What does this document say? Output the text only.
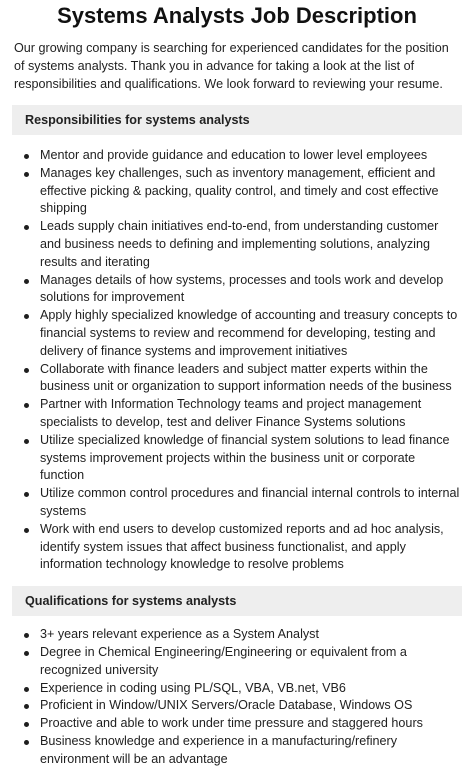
Systems Analysts Job Description

Our growing company is searching for experienced candidates for the position of systems analysts. Thank you in advance for taking a look at the list of responsibilities and qualifications. We look forward to reviewing your resume.

Responsibilities for systems analysts
Mentor and provide guidance and education to lower level employees
Manages key challenges, such as inventory management, efficient and effective picking & packing, quality control, and timely and cost effective shipping
Leads supply chain initiatives end-to-end, from understanding customer and business needs to defining and implementing solutions, analyzing results and iterating
Manages details of how systems, processes and tools work and develop solutions for improvement
Apply highly specialized knowledge of accounting and treasury concepts to financial systems to review and recommend for developing, testing and delivery of finance systems and improvement initiatives
Collaborate with finance leaders and subject matter experts within the business unit or organization to support information needs of the business
Partner with Information Technology teams and project management specialists to develop, test and deliver Finance Systems solutions
Utilize specialized knowledge of financial system solutions to lead finance systems improvement projects within the business unit or corporate function
Utilize common control procedures and financial internal controls to internal systems
Work with end users to develop customized reports and ad hoc analysis, identify system issues that affect business functionalist, and apply information technology knowledge to resolve problems
Qualifications for systems analysts
3+ years relevant experience as a System Analyst
Degree in Chemical Engineering/Engineering or equivalent from a recognized university
Experience in coding using PL/SQL, VBA, VB.net, VB6
Proficient in Window/UNIX Servers/Oracle Database, Windows OS
Proactive and able to work under time pressure and staggered hours
Business knowledge and experience in a manufacturing/refinery environment will be an advantage
